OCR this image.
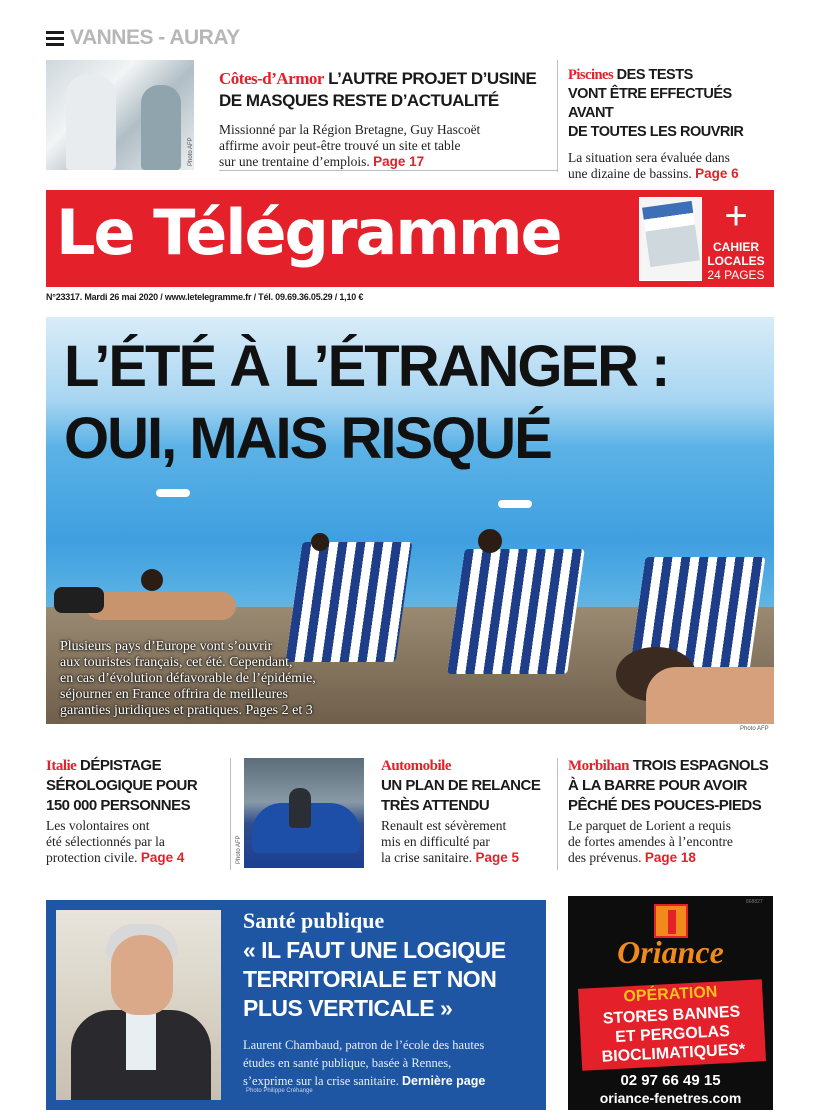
VANNES - AURAY
Photo AFP
Côtes-d’Armor L’AUTRE PROJET D’USINE
DE MASQUES RESTE D’ACTUALITÉ
Missionné par la Région Bretagne, Guy Hascoët
affirme avoir peut-être trouvé un site et table
sur une trentaine d’emplois. Page 17
Piscines DES TESTS
VONT ÊTRE EFFECTUÉS AVANT
DE TOUTES LES ROUVRIR
La situation sera évaluée dans
une dizaine de bassins. Page 6
Le Télégramme	+
CAHIER
LOCALES
24 PAGES
N°23317. Mardi 26 mai 2020 / www.letelegramme.fr / Tél. 09.69.36.05.29 / 1,10 €
L’ÉTÉ À L’ÉTRANGER :
OUI, MAIS RISQUÉ
Plusieurs pays d’Europe vont s’ouvrir
aux touristes français, cet été. Cependant,
en cas d’évolution défavorable de l’épidémie,
séjourner en France offrira de meilleures
garanties juridiques et pratiques. Pages 2 et 3
Photo AFP
Italie DÉPISTAGE
SÉROLOGIQUE POUR
150 000 PERSONNES
Les volontaires ont
été sélectionnés par la
protection civile. Page 4	Photo AFP
Automobile
UN PLAN DE RELANCE
TRÈS ATTENDU
Renault est sévèrement
mis en difficulté par
la crise sanitaire. Page 5
Morbihan TROIS ESPAGNOLS
À LA BARRE POUR AVOIR
PÊCHÉ DES POUCES-PIEDS
Le parquet de Lorient a requis
de fortes amendes à l’encontre
des prévenus. Page 18
Santé publique
« IL FAUT UNE LOGIQUE
TERRITORIALE ET NON
PLUS VERTICALE »
Laurent Chambaud, patron de l’école des hautes
études en santé publique, basée à Rennes,
s’exprime sur la crise sanitaire. Dernière page
Photo Philippe Créhange
868827
Oriance
OPÉRATION
STORES BANNES
ET PERGOLAS
BIOCLIMATIQUES*
02 97 66 49 15
oriance-fenetres.com
